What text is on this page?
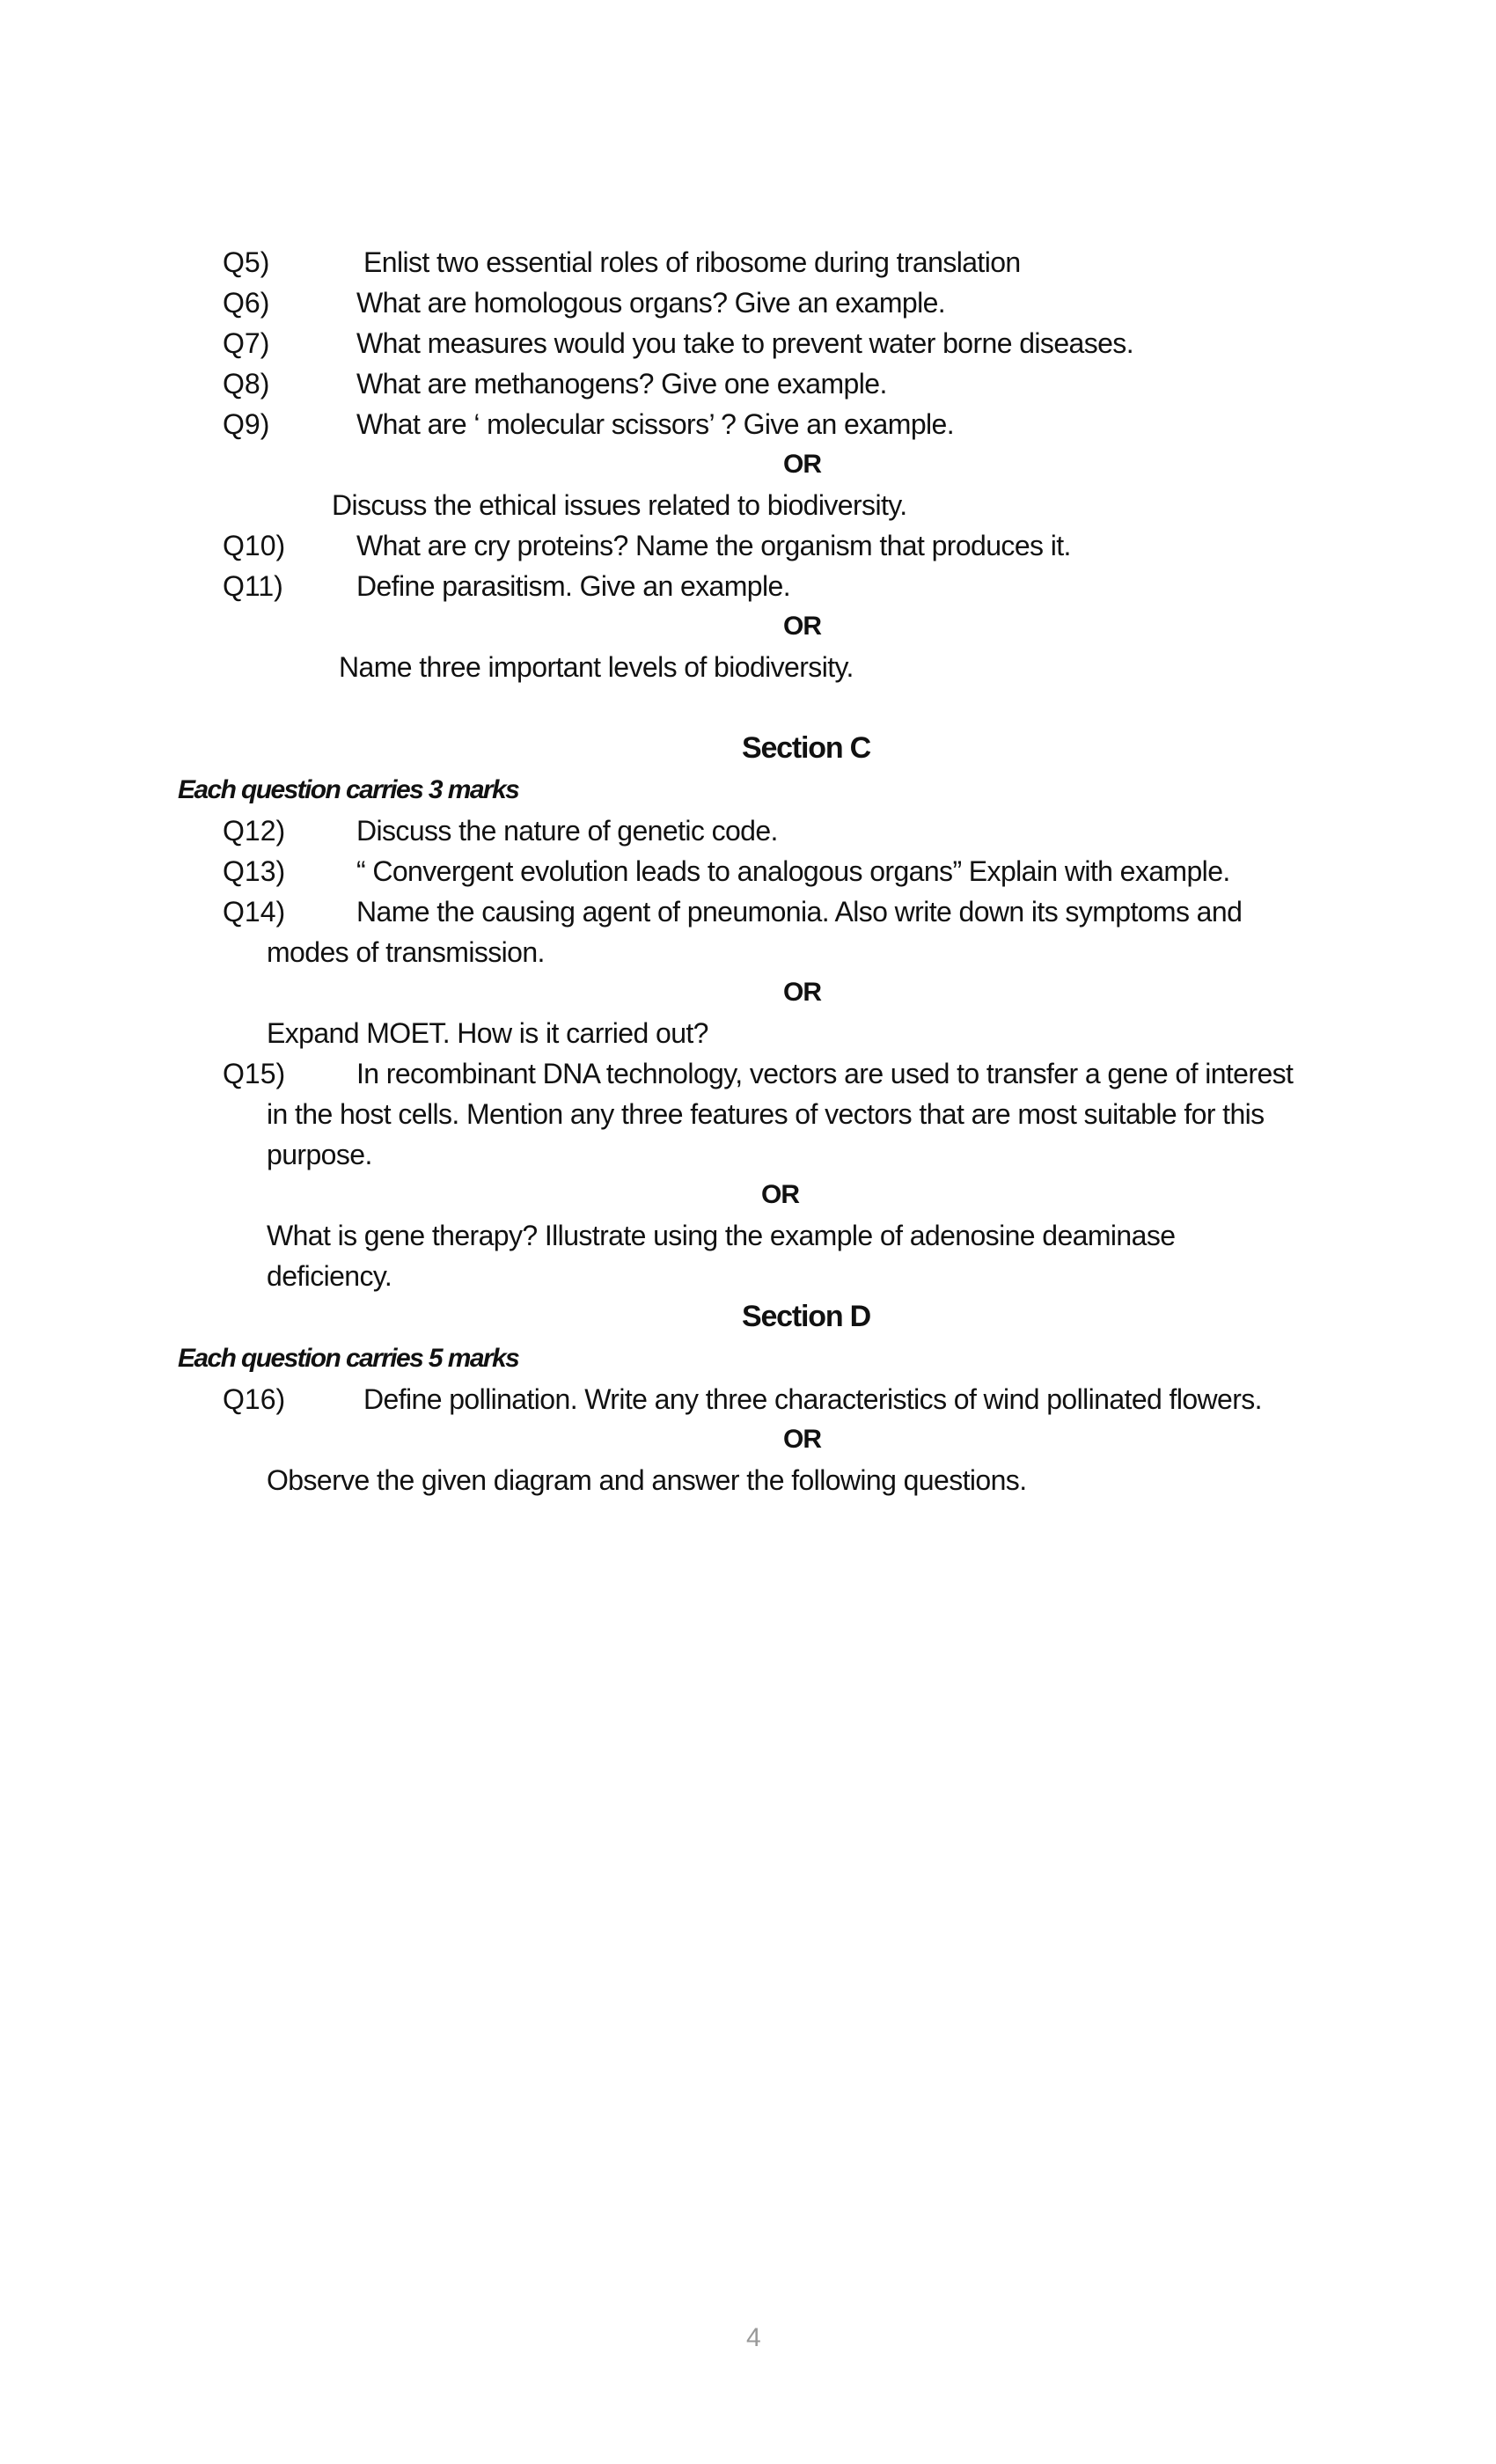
Q5)	Enlist two essential roles of ribosome during translation
Q6)	What are homologous organs? Give an example.
Q7)	What measures would you take to prevent water borne diseases.
Q8)	What are methanogens? Give one example.
Q9)	What are ‘ molecular scissors’ ? Give an example.
OR
Discuss the ethical issues related to biodiversity.
Q10)	What are cry proteins? Name the organism that produces it.
Q11)	Define parasitism. Give an example.
OR
Name three important levels of biodiversity.
Section C
Each question carries 3 marks
Q12)	Discuss the nature of genetic code.
Q13)	“ Convergent evolution leads to analogous organs” Explain with example.
Q14)	Name the causing agent of pneumonia. Also write down its symptoms and
modes of transmission.
OR
Expand MOET. How is it carried out?
Q15)	In recombinant DNA technology, vectors are used to transfer a gene of interest
in the host cells. Mention any three features of vectors that are most suitable for this
purpose.
OR
What is gene therapy? Illustrate using the example of adenosine deaminase
deficiency.
Section D
Each question carries 5 marks
Q16)	Define pollination. Write any three characteristics of wind pollinated flowers.
OR
Observe the given diagram and answer the following questions.
4
